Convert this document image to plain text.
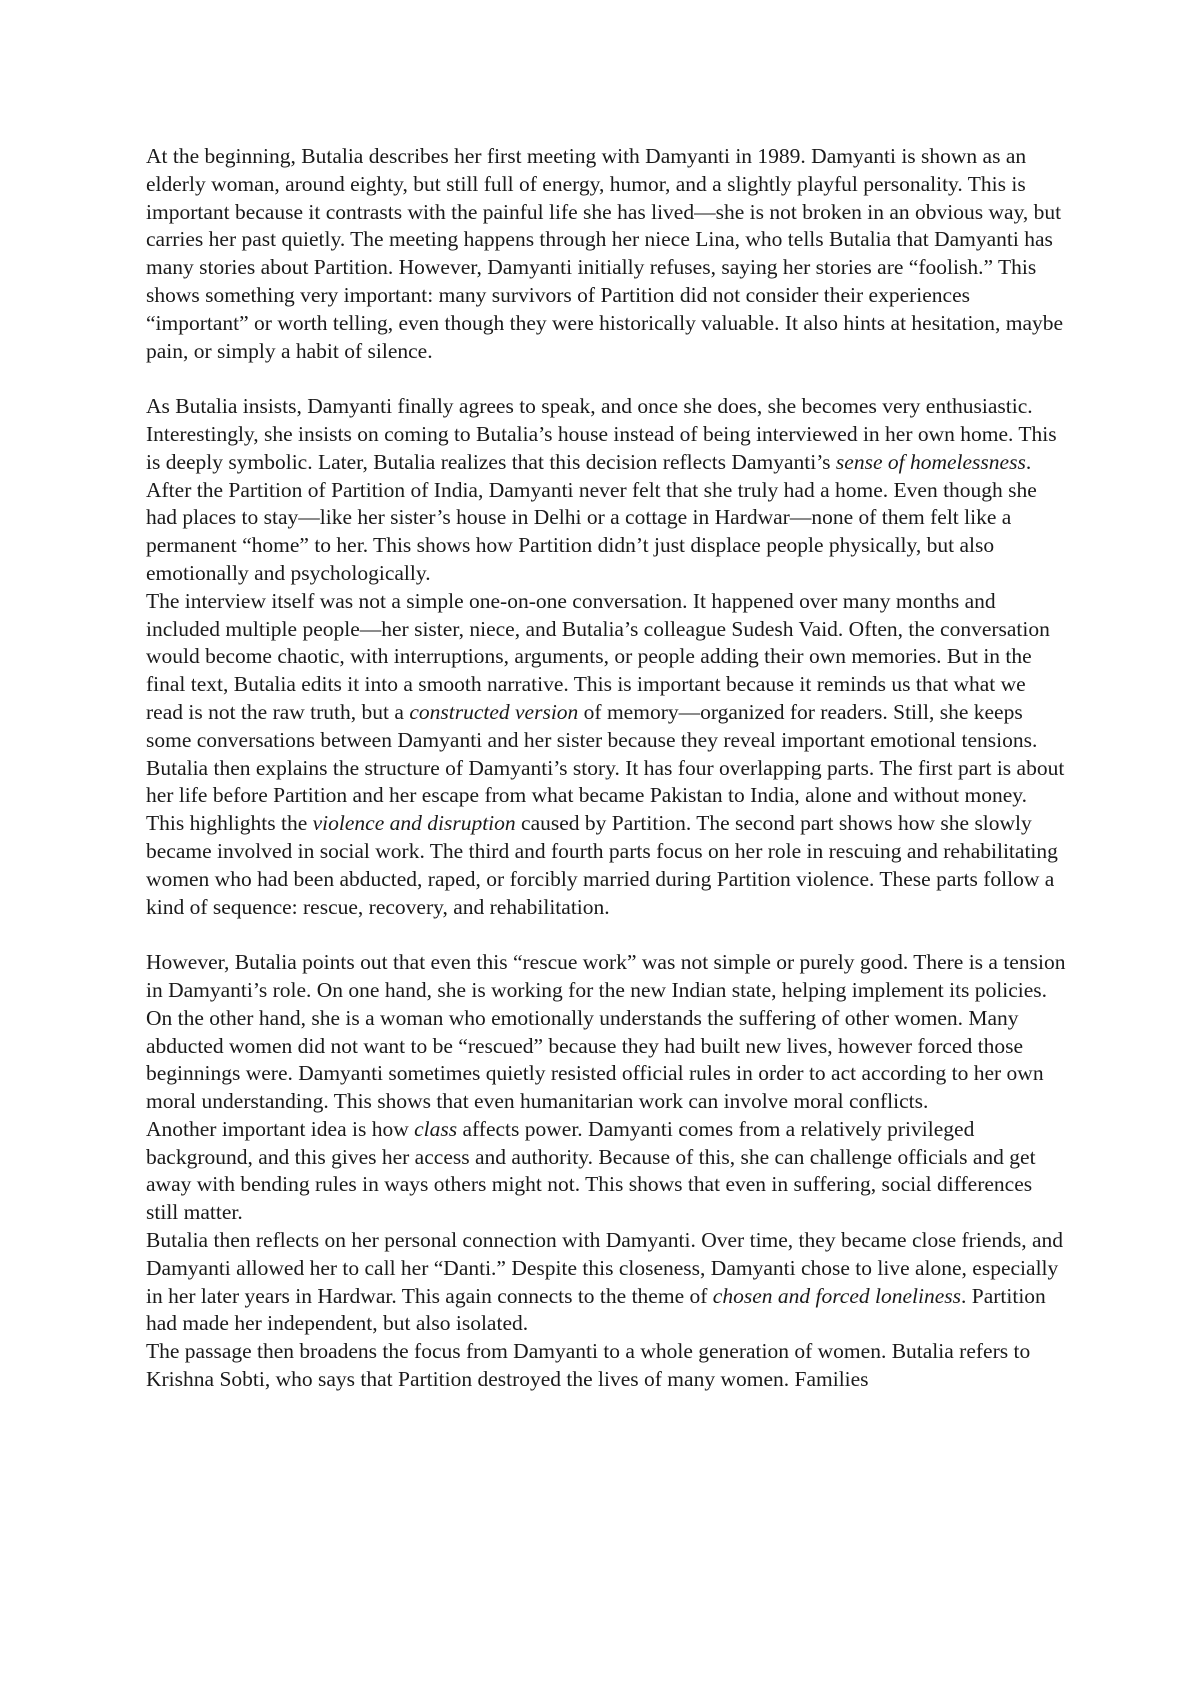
At the beginning, Butalia describes her first meeting with Damyanti in 1989. Damyanti is shown as an elderly woman, around eighty, but still full of energy, humor, and a slightly playful personality. This is important because it contrasts with the painful life she has lived—she is not broken in an obvious way, but carries her past quietly. The meeting happens through her niece Lina, who tells Butalia that Damyanti has many stories about Partition. However, Damyanti initially refuses, saying her stories are “foolish.” This shows something very important: many survivors of Partition did not consider their experiences “important” or worth telling, even though they were historically valuable. It also hints at hesitation, maybe pain, or simply a habit of silence.

As Butalia insists, Damyanti finally agrees to speak, and once she does, she becomes very enthusiastic. Interestingly, she insists on coming to Butalia’s house instead of being interviewed in her own home. This is deeply symbolic. Later, Butalia realizes that this decision reflects Damyanti’s sense of homelessness. After the Partition of Partition of India, Damyanti never felt that she truly had a home. Even though she had places to stay—like her sister’s house in Delhi or a cottage in Hardwar—none of them felt like a permanent “home” to her. This shows how Partition didn’t just displace people physically, but also emotionally and psychologically.

The interview itself was not a simple one-on-one conversation. It happened over many months and included multiple people—her sister, niece, and Butalia’s colleague Sudesh Vaid. Often, the conversation would become chaotic, with interruptions, arguments, or people adding their own memories. But in the final text, Butalia edits it into a smooth narrative. This is important because it reminds us that what we read is not the raw truth, but a constructed version of memory—organized for readers. Still, she keeps some conversations between Damyanti and her sister because they reveal important emotional tensions.

Butalia then explains the structure of Damyanti’s story. It has four overlapping parts. The first part is about her life before Partition and her escape from what became Pakistan to India, alone and without money. This highlights the violence and disruption caused by Partition. The second part shows how she slowly became involved in social work. The third and fourth parts focus on her role in rescuing and rehabilitating women who had been abducted, raped, or forcibly married during Partition violence. These parts follow a kind of sequence: rescue, recovery, and rehabilitation.

However, Butalia points out that even this “rescue work” was not simple or purely good. There is a tension in Damyanti’s role. On one hand, she is working for the new Indian state, helping implement its policies. On the other hand, she is a woman who emotionally understands the suffering of other women. Many abducted women did not want to be “rescued” because they had built new lives, however forced those beginnings were. Damyanti sometimes quietly resisted official rules in order to act according to her own moral understanding. This shows that even humanitarian work can involve moral conflicts.

Another important idea is how class affects power. Damyanti comes from a relatively privileged background, and this gives her access and authority. Because of this, she can challenge officials and get away with bending rules in ways others might not. This shows that even in suffering, social differences still matter.

Butalia then reflects on her personal connection with Damyanti. Over time, they became close friends, and Damyanti allowed her to call her “Danti.” Despite this closeness, Damyanti chose to live alone, especially in her later years in Hardwar. This again connects to the theme of chosen and forced loneliness. Partition had made her independent, but also isolated.

The passage then broadens the focus from Damyanti to a whole generation of women. Butalia refers to Krishna Sobti, who says that Partition destroyed the lives of many women. Families
